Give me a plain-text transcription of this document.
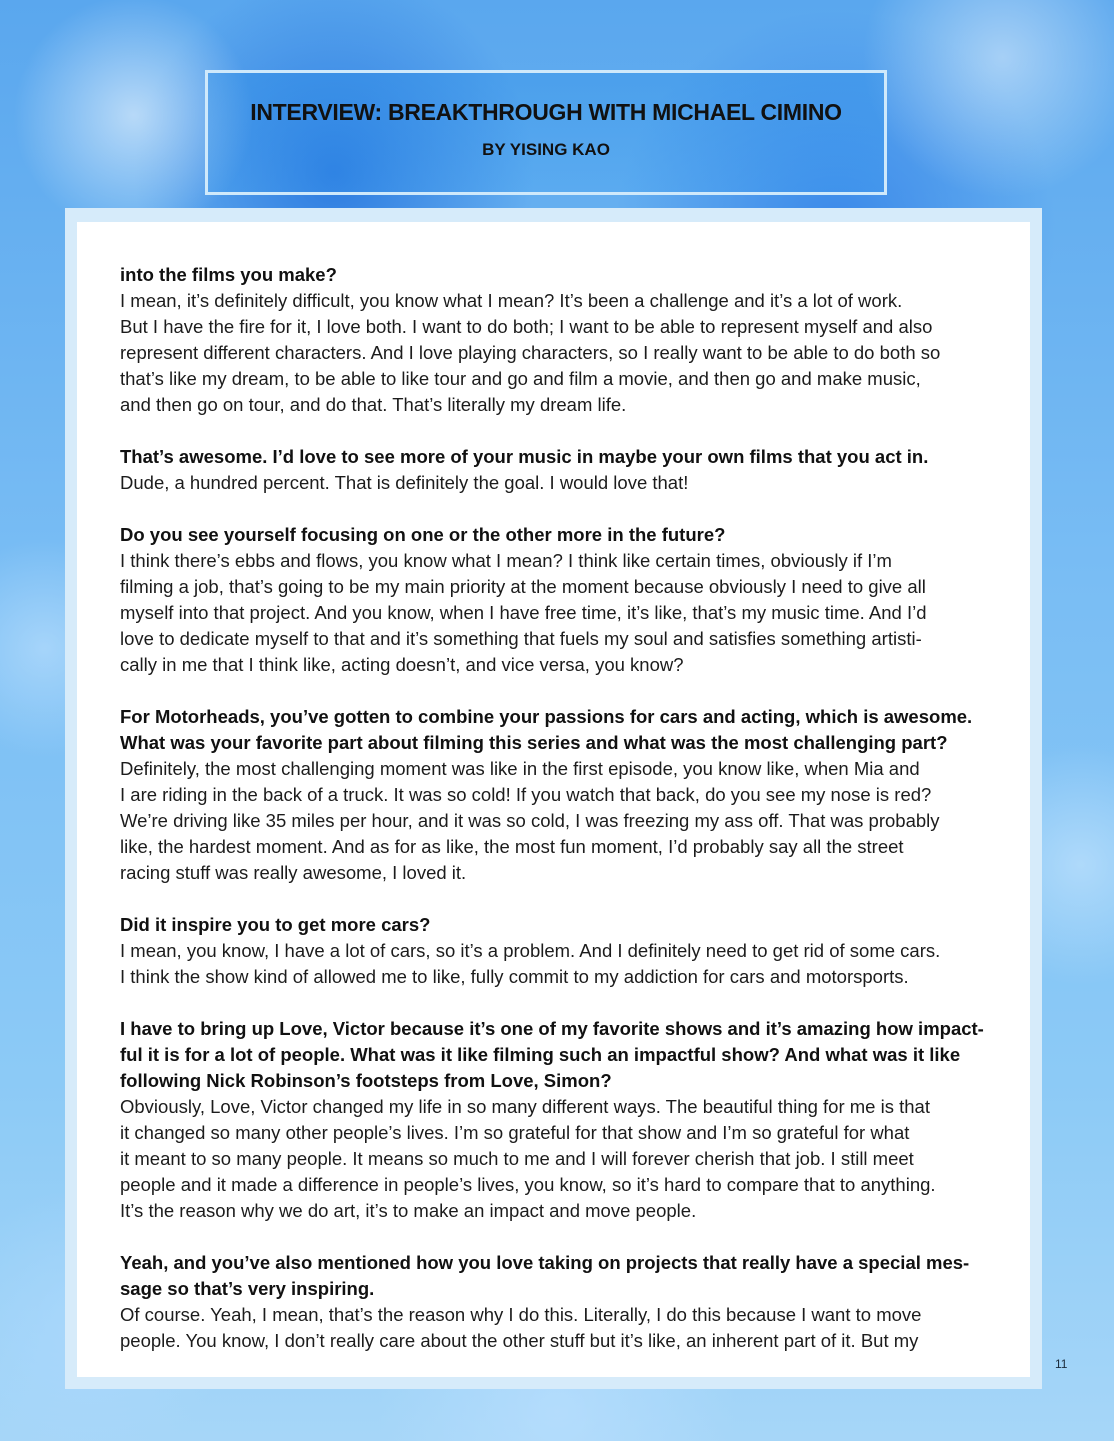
INTERVIEW: BREAKTHROUGH WITH MICHAEL CIMINO
BY YISING KAO
into the films you make?
I mean, it’s definitely difficult, you know what I mean? It’s been a challenge and it’s a lot of work.
But I have the fire for it, I love both. I want to do both; I want to be able to represent myself and also
represent different characters. And I love playing characters, so I really want to be able to do both so
that’s like my dream, to be able to like tour and go and film a movie, and then go and make music,
and then go on tour, and do that. That’s literally my dream life.
That’s awesome. I’d love to see more of your music in maybe your own films that you act in.
Dude, a hundred percent. That is definitely the goal. I would love that!
Do you see yourself focusing on one or the other more in the future?
I think there’s ebbs and flows, you know what I mean? I think like certain times, obviously if I’m
filming a job, that’s going to be my main priority at the moment because obviously I need to give all
myself into that project. And you know, when I have free time, it’s like, that’s my music time. And I’d
love to dedicate myself to that and it’s something that fuels my soul and satisfies something artisti-
cally in me that I think like, acting doesn’t, and vice versa, you know?
For Motorheads, you’ve gotten to combine your passions for cars and acting, which is awesome.
What was your favorite part about filming this series and what was the most challenging part?
Definitely, the most challenging moment was like in the first episode, you know like, when Mia and
I are riding in the back of a truck. It was so cold! If you watch that back, do you see my nose is red?
We’re driving like 35 miles per hour, and it was so cold, I was freezing my ass off. That was probably
like, the hardest moment. And as for as like, the most fun moment, I’d probably say all the street
racing stuff was really awesome, I loved it.
Did it inspire you to get more cars?
I mean, you know, I have a lot of cars, so it’s a problem. And I definitely need to get rid of some cars.
I think the show kind of allowed me to like, fully commit to my addiction for cars and motorsports.
I have to bring up Love, Victor because it’s one of my favorite shows and it’s amazing how impact-
ful it is for a lot of people. What was it like filming such an impactful show? And what was it like
following Nick Robinson’s footsteps from Love, Simon?
Obviously, Love, Victor changed my life in so many different ways. The beautiful thing for me is that
it changed so many other people’s lives. I’m so grateful for that show and I’m so grateful for what
it meant to so many people. It means so much to me and I will forever cherish that job. I still meet
people and it made a difference in people’s lives, you know, so it’s hard to compare that to anything.
It’s the reason why we do art, it’s to make an impact and move people.
Yeah, and you’ve also mentioned how you love taking on projects that really have a special mes-
sage so that’s very inspiring.
Of course. Yeah, I mean, that’s the reason why I do this. Literally, I do this because I want to move
people. You know, I don’t really care about the other stuff but it’s like, an inherent part of it. But my
11
